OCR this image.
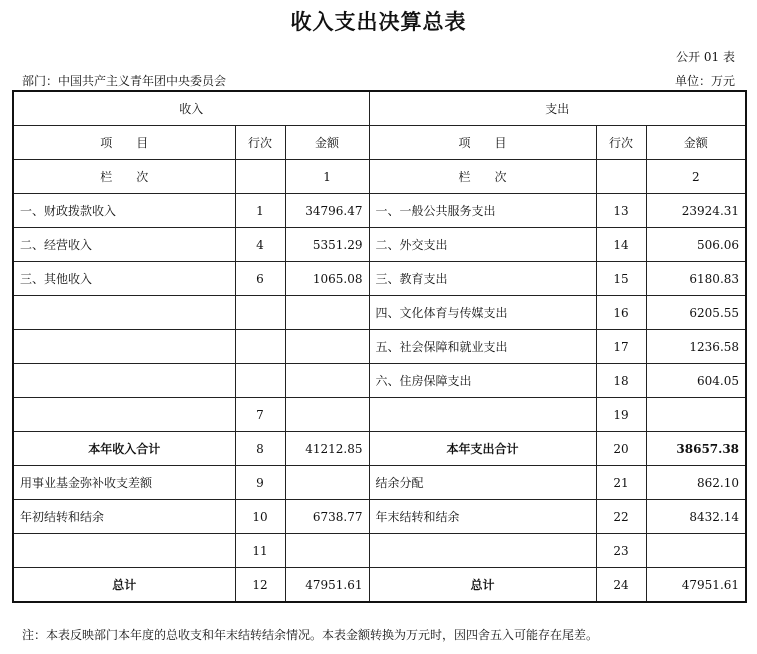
收入支出决算总表
公开 01 表
部门：中国共产主义青年团中央委员会	单位：万元
收入			支出		
项　　目	行次	金额	项　　目	行次	金额
栏　　次		1	栏　　次		2
一、财政拨款收入	1	34796.47	一、一般公共服务支出	13	23924.31
二、经营收入	4	5351.29	二、外交支出	14	506.06
三、其他收入	6	1065.08	三、教育支出	15	6180.83
			四、文化体育与传媒支出	16	6205.55
			五、社会保障和就业支出	17	1236.58
			六、住房保障支出	18	604.05
	7			19	
本年收入合计	8	41212.85	本年支出合计	20	38657.38
用事业基金弥补收支差额	9		结余分配	21	862.10
年初结转和结余	10	6738.77	年末结转和结余	22	8432.14
	11			23	
总计	12	47951.61	总计	24	47951.61
注：本表反映部门本年度的总收支和年末结转结余情况。本表金额转换为万元时，因四舍五入可能存在尾差。
